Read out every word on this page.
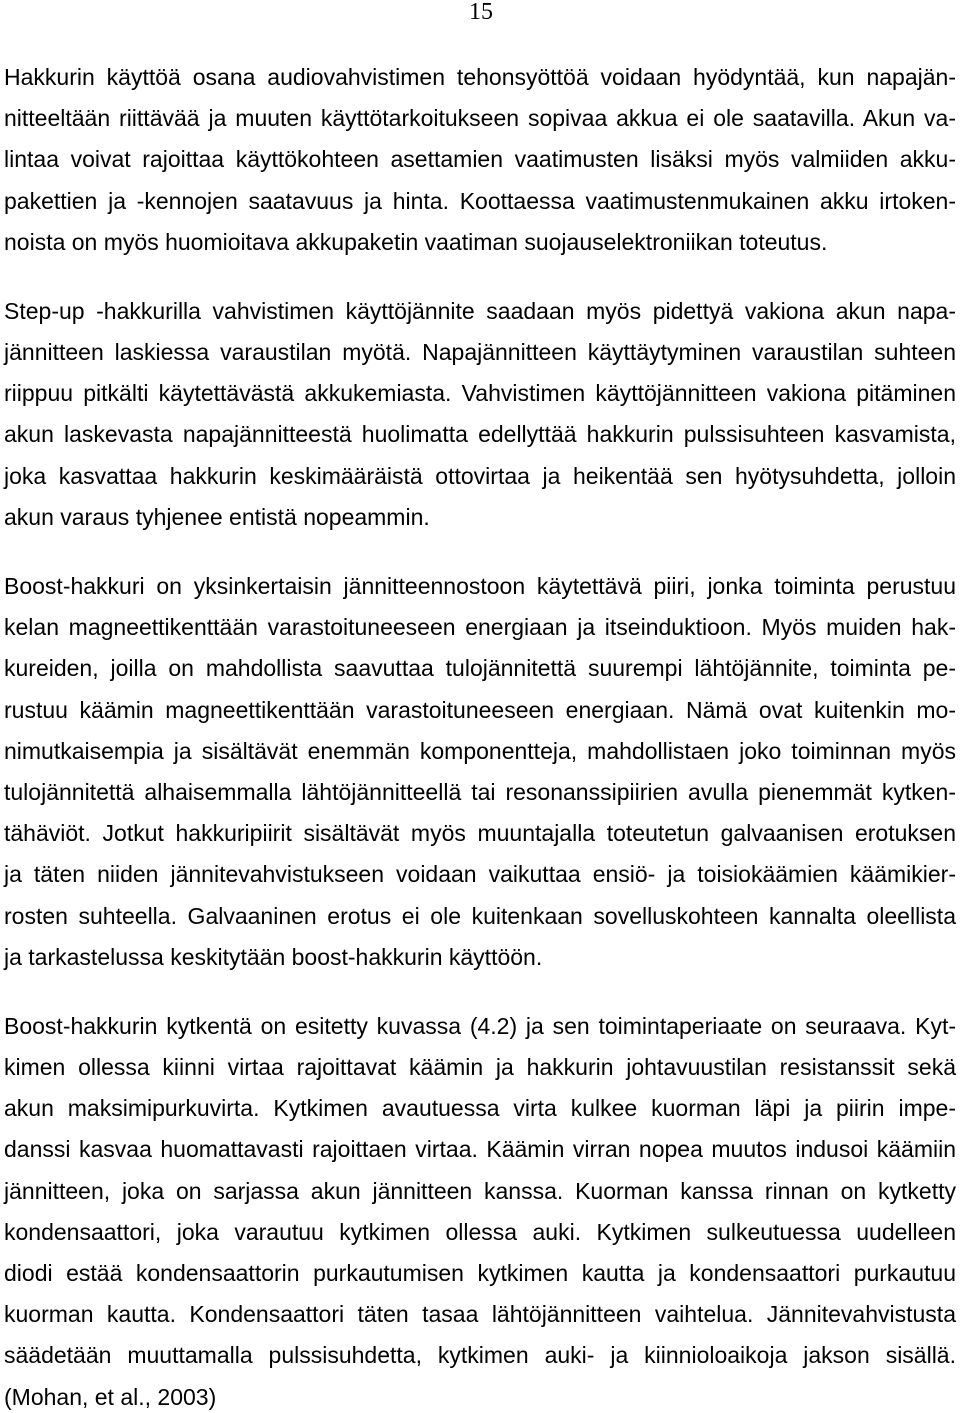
15
Hakkurin käyttöä osana audiovahvistimen tehonsyöttöä voidaan hyödyntää, kun napajän-
nitteeltään riittävää ja muuten käyttötarkoitukseen sopivaa akkua ei ole saatavilla. Akun va-
lintaa voivat rajoittaa käyttökohteen asettamien vaatimusten lisäksi myös valmiiden akku-
pakettien ja -kennojen saatavuus ja hinta. Koottaessa vaatimustenmukainen akku irtoken-
noista on myös huomioitava akkupaketin vaatiman suojauselektroniikan toteutus.
Step-up -hakkurilla vahvistimen käyttöjännite saadaan myös pidettyä vakiona akun napa-
jännitteen laskiessa varaustilan myötä. Napajännitteen käyttäytyminen varaustilan suhteen
riippuu pitkälti käytettävästä akkukemiasta. Vahvistimen käyttöjännitteen vakiona pitäminen
akun laskevasta napajännitteestä huolimatta edellyttää hakkurin pulssisuhteen kasvamista,
joka kasvattaa hakkurin keskimääräistä ottovirtaa ja heikentää sen hyötysuhdetta, jolloin
akun varaus tyhjenee entistä nopeammin.
Boost-hakkuri on yksinkertaisin jännitteennostoon käytettävä piiri, jonka toiminta perustuu
kelan magneettikenttään varastoituneeseen energiaan ja itseinduktioon. Myös muiden hak-
kureiden, joilla on mahdollista saavuttaa tulojännitettä suurempi lähtöjännite, toiminta pe-
rustuu käämin magneettikenttään varastoituneeseen energiaan. Nämä ovat kuitenkin mo-
nimutkaisempia ja sisältävät enemmän komponentteja, mahdollistaen joko toiminnan myös
tulojännitettä alhaisemmalla lähtöjännitteellä tai resonanssipiirien avulla pienemmät kytken-
tähäviöt. Jotkut hakkuripiirit sisältävät myös muuntajalla toteutetun galvaanisen erotuksen
ja täten niiden jännitevahvistukseen voidaan vaikuttaa ensiö- ja toisiokäämien käämikier-
rosten suhteella. Galvaaninen erotus ei ole kuitenkaan sovelluskohteen kannalta oleellista
ja tarkastelussa keskitytään boost-hakkurin käyttöön.
Boost-hakkurin kytkentä on esitetty kuvassa (4.2) ja sen toimintaperiaate on seuraava. Kyt-
kimen ollessa kiinni virtaa rajoittavat käämin ja hakkurin johtavuustilan resistanssit sekä
akun maksimipurkuvirta. Kytkimen avautuessa virta kulkee kuorman läpi ja piirin impe-
danssi kasvaa huomattavasti rajoittaen virtaa. Käämin virran nopea muutos indusoi käämiin
jännitteen, joka on sarjassa akun jännitteen kanssa. Kuorman kanssa rinnan on kytketty
kondensaattori, joka varautuu kytkimen ollessa auki. Kytkimen sulkeutuessa uudelleen
diodi estää kondensaattorin purkautumisen kytkimen kautta ja kondensaattori purkautuu
kuorman kautta. Kondensaattori täten tasaa lähtöjännitteen vaihtelua. Jännitevahvistusta
säädetään muuttamalla pulssisuhdetta, kytkimen auki- ja kiinnioloaikoja jakson sisällä.
(Mohan, et al., 2003)
